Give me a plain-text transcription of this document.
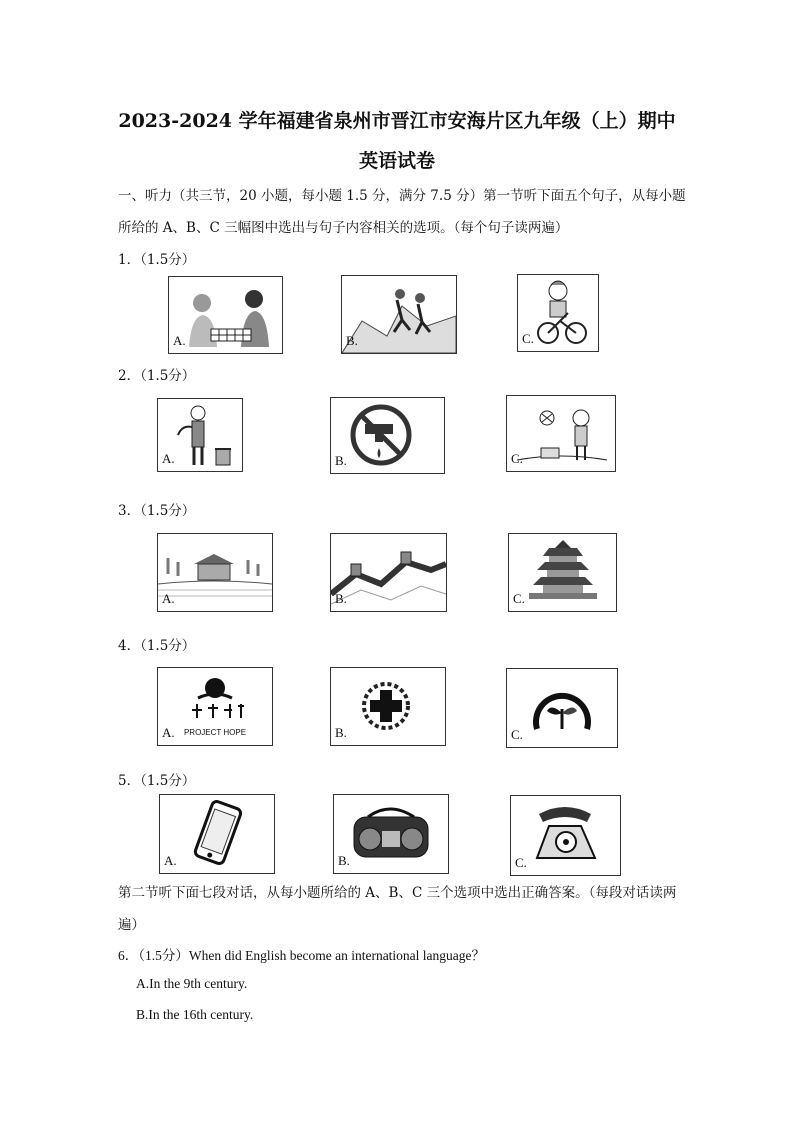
2023-2024 学年福建省泉州市晋江市安海片区九年级（上）期中
英语试卷
一、听力（共三节，20 小题，每小题 1.5 分，满分 7.5 分）第一节听下面五个句子，从每小题所给的 A、B、C 三幅图中选出与句子内容相关的选项。（每个句子读两遍）
1．（1.5分）
A.	B.	C.
2．（1.5分）
A.	B.	C.
3．（1.5分）
A.	B.	C.
4．（1.5分）
PROJECT HOPE
A.	B.	C.
5．（1.5分）
A.	B.	C.
第二节听下面七段对话，从每小题所给的 A、B、C 三个选项中选出正确答案。（每段对话读两遍）
6．（1.5分）When did English become an international language？
A.In the 9th century.
B.In the 16th century.
